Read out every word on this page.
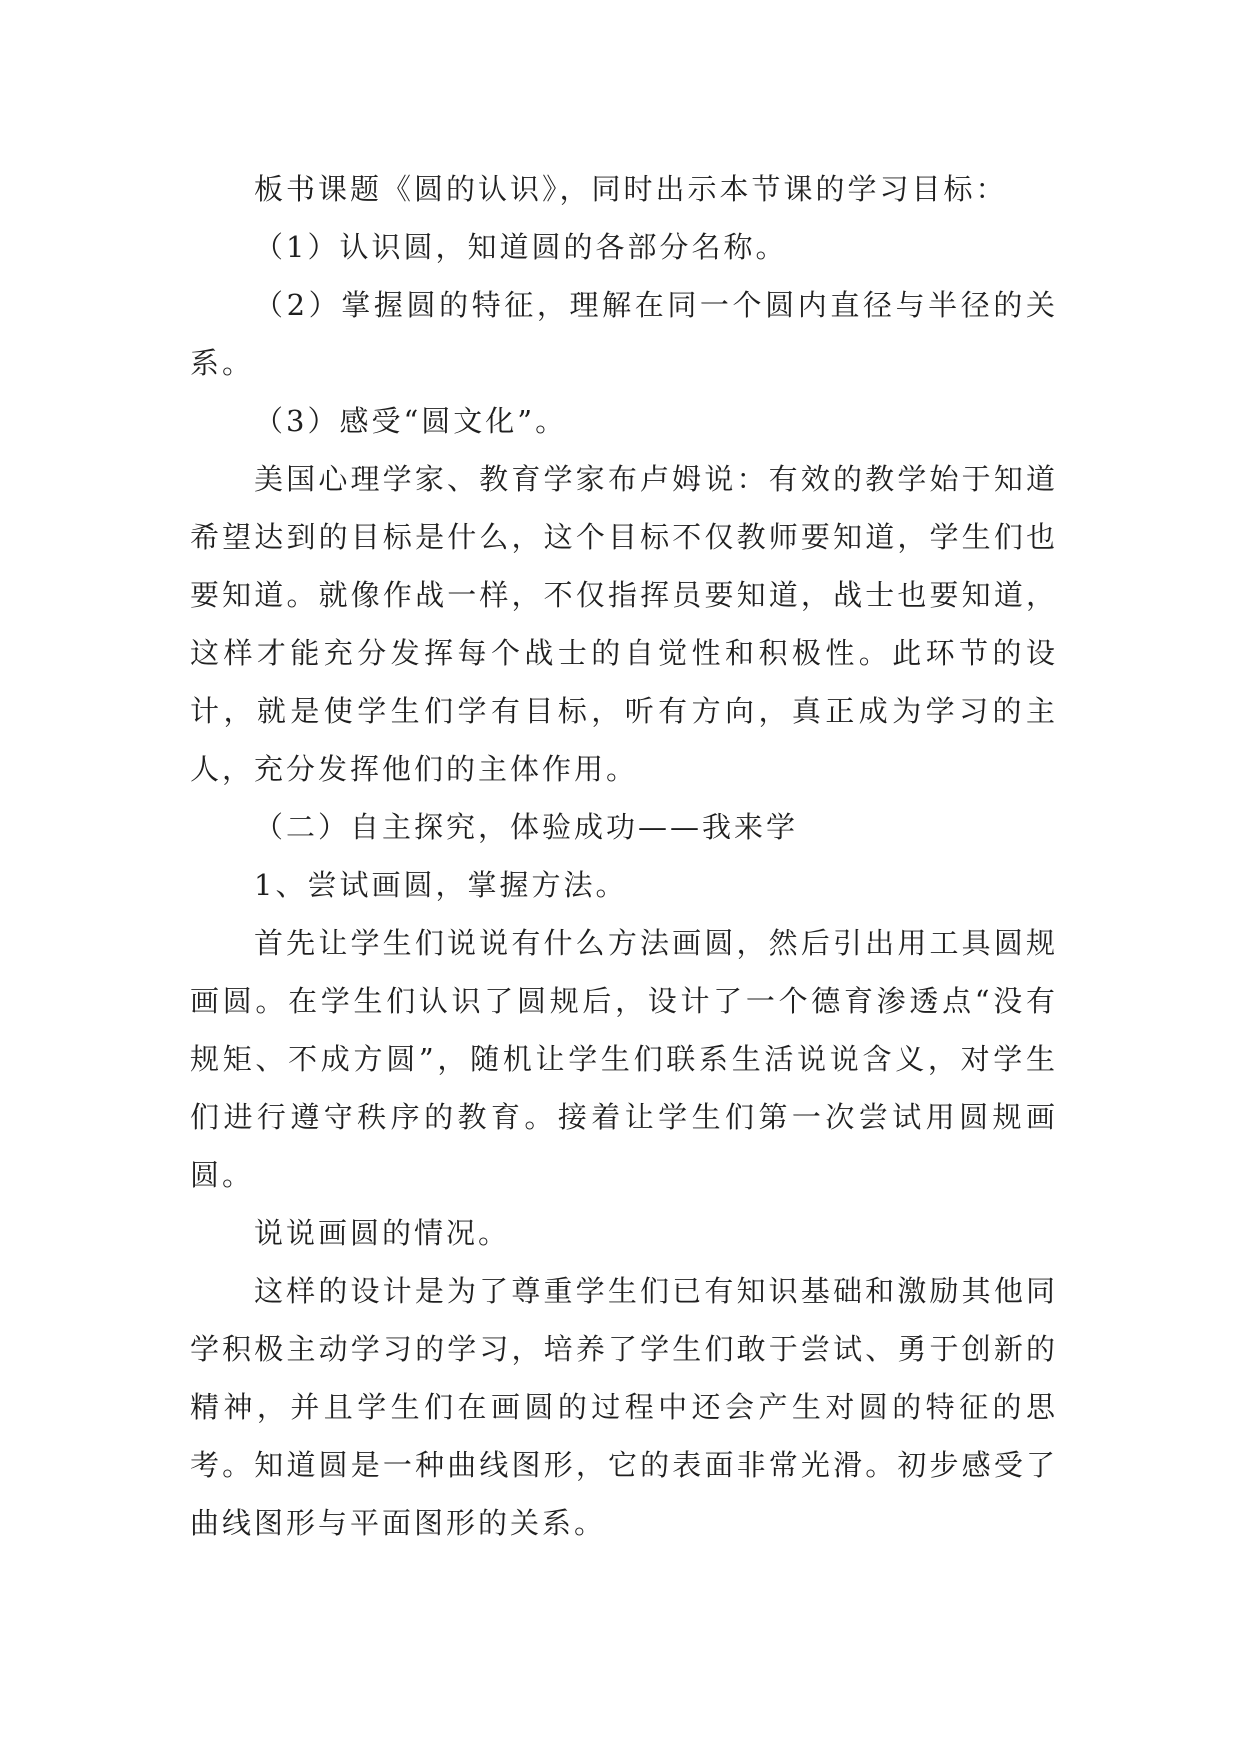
板书课题《圆的认识》，同时出示本节课的学习目标：

（1）认识圆，知道圆的各部分名称。

（2）掌握圆的特征，理解在同一个圆内直径与半径的关系。

（3）感受“圆文化”。

美国心理学家、教育学家布卢姆说：有效的教学始于知道希望达到的目标是什么，这个目标不仅教师要知道，学生们也要知道。就像作战一样，不仅指挥员要知道，战士也要知道，这样才能充分发挥每个战士的自觉性和积极性。此环节的设计，就是使学生们学有目标，听有方向，真正成为学习的主人，充分发挥他们的主体作用。

（二）自主探究，体验成功——我来学

1、尝试画圆，掌握方法。

首先让学生们说说有什么方法画圆，然后引出用工具圆规画圆。在学生们认识了圆规后，设计了一个德育渗透点“没有规矩、不成方圆”，随机让学生们联系生活说说含义，对学生们进行遵守秩序的教育。接着让学生们第一次尝试用圆规画圆。

说说画圆的情况。

这样的设计是为了尊重学生们已有知识基础和激励其他同学积极主动学习的学习，培养了学生们敢于尝试、勇于创新的精神，并且学生们在画圆的过程中还会产生对圆的特征的思考。知道圆是一种曲线图形，它的表面非常光滑。初步感受了曲线图形与平面图形的关系。
